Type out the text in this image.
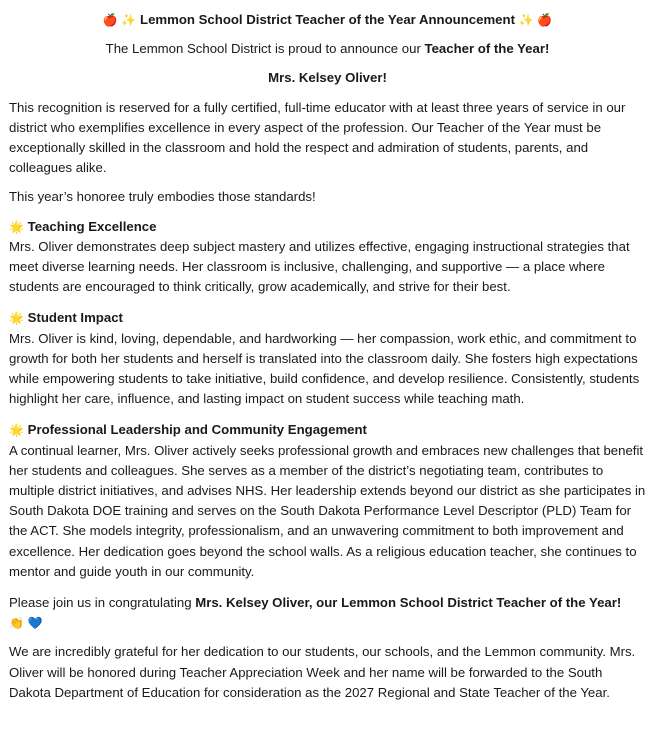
🍎 ✨ Lemmon School District Teacher of the Year Announcement ✨ 🍎
The Lemmon School District is proud to announce our Teacher of the Year!
Mrs. Kelsey Oliver!

This recognition is reserved for a fully certified, full-time educator with at least three years of service in our district who exemplifies excellence in every aspect of the profession. Our Teacher of the Year must be exceptionally skilled in the classroom and hold the respect and admiration of students, parents, and colleagues alike.

This year’s honoree truly embodies those standards!

🌟 Teaching Excellence
Mrs. Oliver demonstrates deep subject mastery and utilizes effective, engaging instructional strategies that meet diverse learning needs. Her classroom is inclusive, challenging, and supportive — a place where students are encouraged to think critically, grow academically, and strive for their best.
🌟 Student Impact
Mrs. Oliver is kind, loving, dependable, and hardworking — her compassion, work ethic, and commitment to growth for both her students and herself is translated into the classroom daily. She fosters high expectations while empowering students to take initiative, build confidence, and develop resilience. Consistently, students highlight her care, influence, and lasting impact on student success while teaching math.
🌟 Professional Leadership and Community Engagement
A continual learner, Mrs. Oliver actively seeks professional growth and embraces new challenges that benefit her students and colleagues. She serves as a member of the district’s negotiating team, contributes to multiple district initiatives, and advises NHS. Her leadership extends beyond our district as she participates in South Dakota DOE training and serves on the South Dakota Performance Level Descriptor (PLD) Team for the ACT. She models integrity, professionalism, and an unwavering commitment to both improvement and excellence. Her dedication goes beyond the school walls. As a religious education teacher, she continues to mentor and guide youth in our community.

Please join us in congratulating Mrs. Kelsey Oliver, our Lemmon School District Teacher of the Year!
👏 💙

We are incredibly grateful for her dedication to our students, our schools, and the Lemmon community. Mrs. Oliver will be honored during Teacher Appreciation Week and her name will be forwarded to the South Dakota Department of Education for consideration as the 2027 Regional and State Teacher of the Year.
